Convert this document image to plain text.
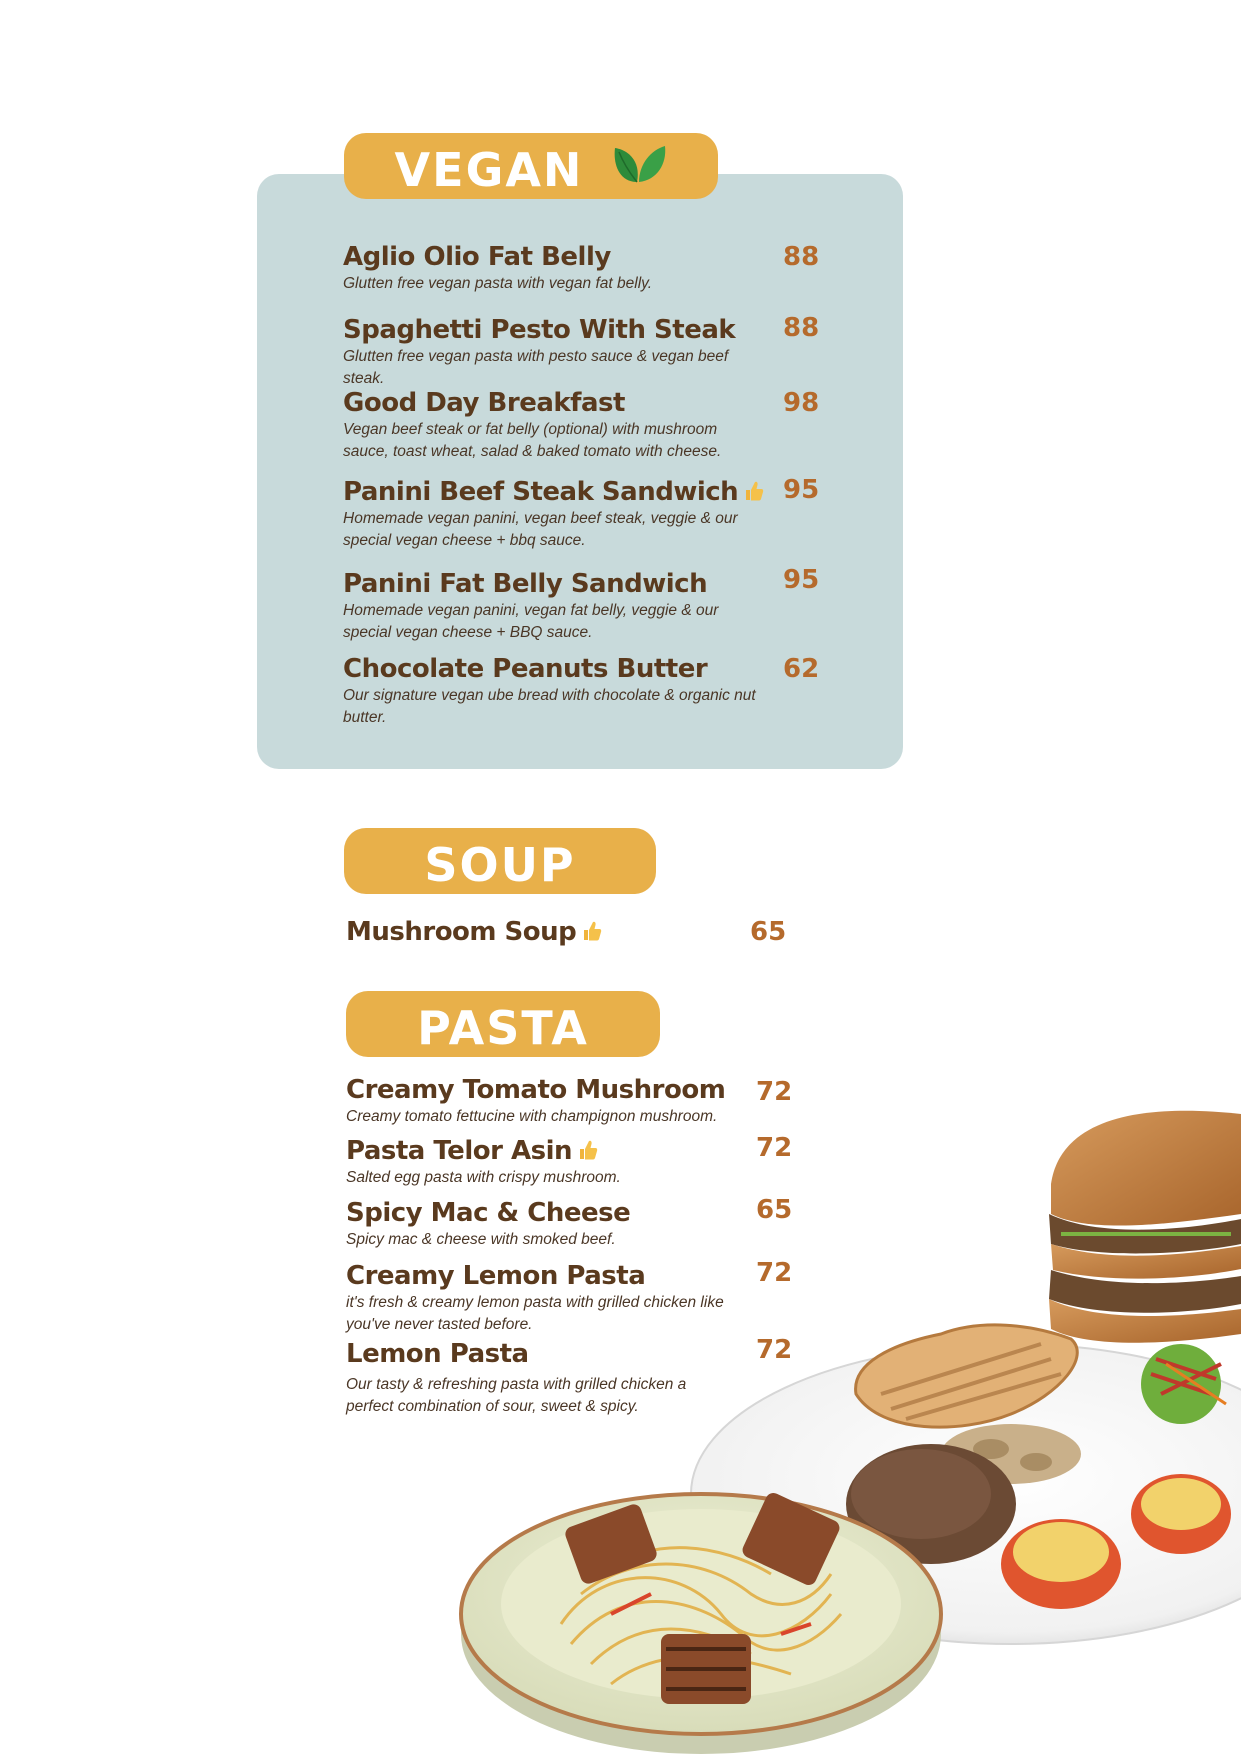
VEGAN
Aglio Olio Fat Belly
Glutten free vegan pasta with vegan fat belly.
88
Spaghetti Pesto With Steak
Glutten free vegan pasta with pesto sauce & vegan beef steak.
88
Good Day Breakfast
Vegan beef steak or fat belly (optional) with mushroom sauce, toast wheat, salad & baked tomato with cheese.
98
Panini Beef Steak Sandwich
Homemade vegan panini, vegan beef steak, veggie & our special vegan cheese + bbq sauce.
95
Panini Fat Belly Sandwich
Homemade vegan panini, vegan fat belly, veggie & our special vegan cheese + BBQ sauce.
95
Chocolate Peanuts Butter
Our signature vegan ube bread with chocolate & organic nut butter.
62
SOUP
Mushroom Soup	65
PASTA
Creamy Tomato Mushroom
Creamy tomato fettucine with champignon mushroom.
72
Pasta Telor Asin
Salted egg pasta with crispy mushroom.
72
Spicy Mac & Cheese
Spicy mac & cheese with smoked beef.
65
Creamy Lemon Pasta
it's fresh & creamy lemon pasta with grilled chicken like you've never tasted before.
72
Lemon Pasta
Our tasty & refreshing pasta with grilled chicken a perfect combination of sour, sweet & spicy.
72
